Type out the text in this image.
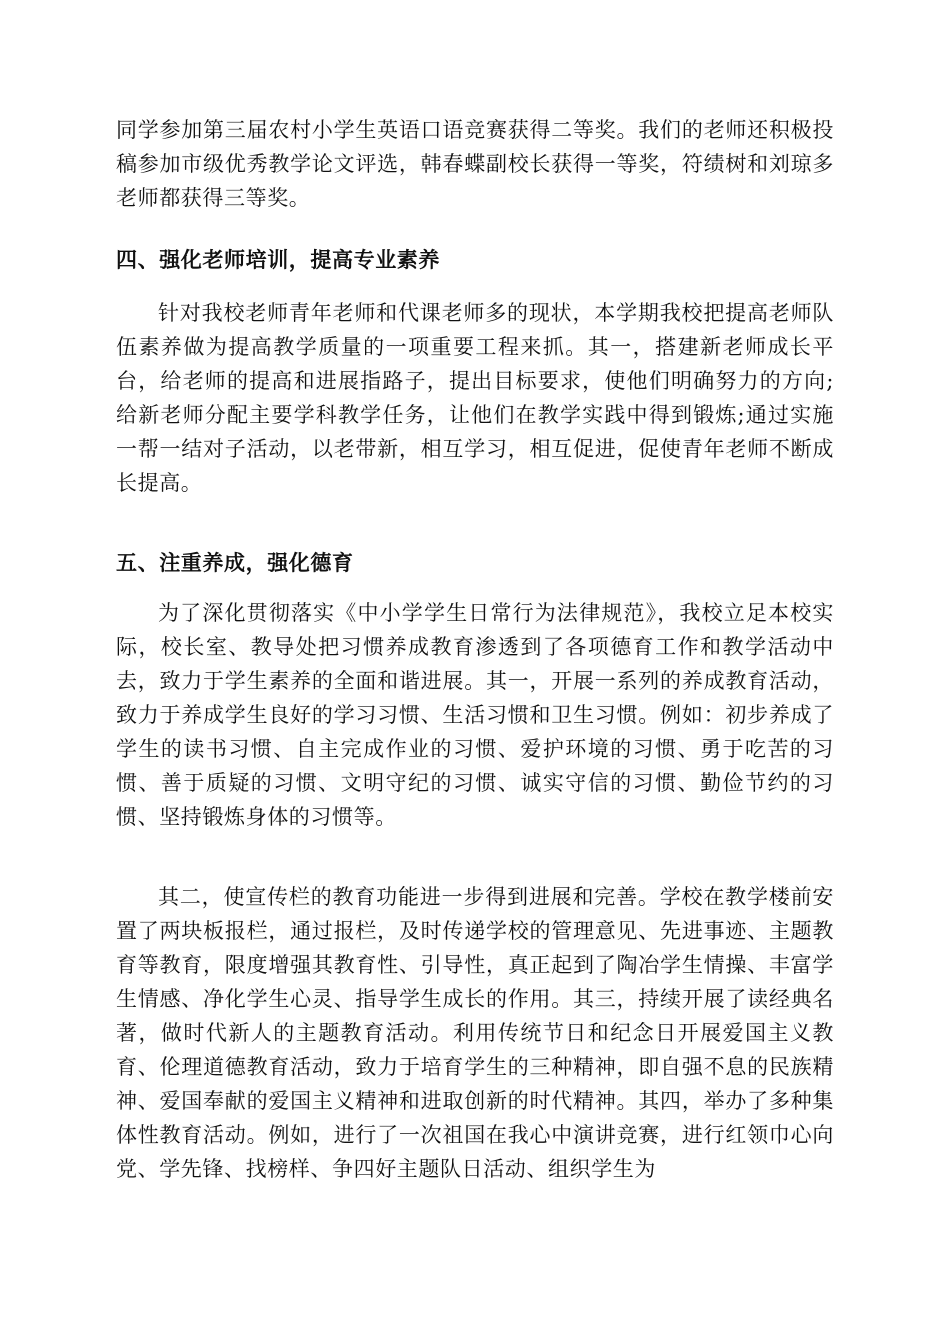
同学参加第三届农村小学生英语口语竞赛获得二等奖。我们的老师还积极投稿参加市级优秀教学论文评选，韩春蝶副校长获得一等奖，符绩树和刘琼多老师都获得三等奖。

四、强化老师培训，提高专业素养

针对我校老师青年老师和代课老师多的现状，本学期我校把提高老师队伍素养做为提高教学质量的一项重要工程来抓。其一，搭建新老师成长平台，给老师的提高和进展指路子，提出目标要求，使他们明确努力的方向;给新老师分配主要学科教学任务，让他们在教学实践中得到锻炼;通过实施一帮一结对子活动，以老带新，相互学习，相互促进，促使青年老师不断成长提高。

五、注重养成，强化德育

为了深化贯彻落实《中小学学生日常行为法律规范》，我校立足本校实际，校长室、教导处把习惯养成教育渗透到了各项德育工作和教学活动中去，致力于学生素养的全面和谐进展。其一，开展一系列的养成教育活动，致力于养成学生良好的学习习惯、生活习惯和卫生习惯。例如：初步养成了学生的读书习惯、自主完成作业的习惯、爱护环境的习惯、勇于吃苦的习惯、善于质疑的习惯、文明守纪的习惯、诚实守信的习惯、勤俭节约的习惯、坚持锻炼身体的习惯等。

其二，使宣传栏的教育功能进一步得到进展和完善。学校在教学楼前安置了两块板报栏，通过报栏，及时传递学校的管理意见、先进事迹、主题教育等教育，限度增强其教育性、引导性，真正起到了陶冶学生情操、丰富学生情感、净化学生心灵、指导学生成长的作用。其三，持续开展了读经典名著，做时代新人的主题教育活动。利用传统节日和纪念日开展爱国主义教育、伦理道德教育活动，致力于培育学生的三种精神，即自强不息的民族精神、爱国奉献的爱国主义精神和进取创新的时代精神。其四，举办了多种集体性教育活动。例如，进行了一次祖国在我心中演讲竞赛，进行红领巾心向党、学先锋、找榜样、争四好主题队日活动、组织学生为
